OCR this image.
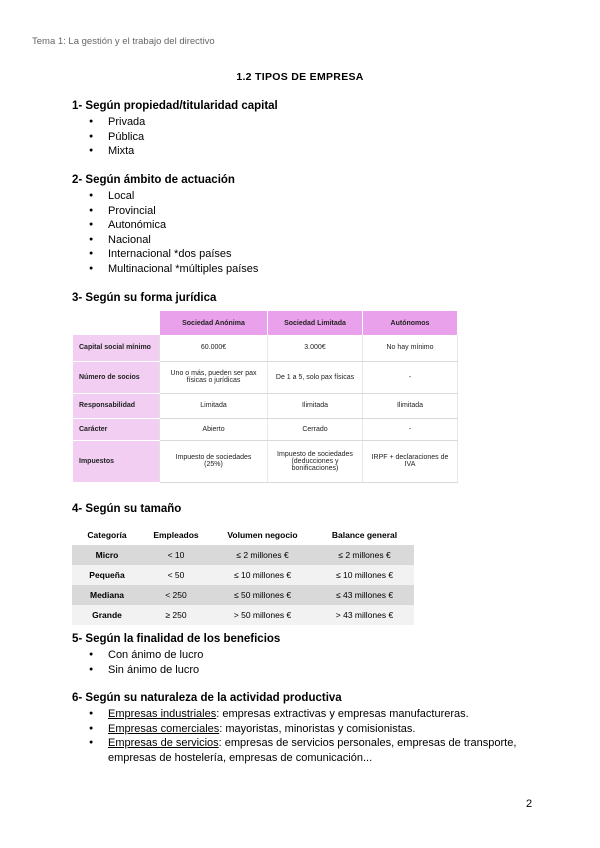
Tema 1: La gestión y el trabajo del directivo
1.2 TIPOS DE EMPRESA
1- Según propiedad/titularidad capital
● Privada
● Pública
● Mixta
2- Según ámbito de actuación
● Local
● Provincial
● Autonómica
● Nacional
● Internacional *dos países
● Multinacional *múltiples países
3- Según su forma jurídica
	Sociedad Anónima	Sociedad Limitada	Autónomos
Capital social mínimo	60.000€	3.000€	No hay mínimo
Número de socios	Uno o más, pueden ser pax físicas o jurídicas	De 1 a 5, solo pax físicas	-
Responsabilidad	Limitada	Ilimitada	Ilimitada
Carácter	Abierto	Cerrado	-
Impuestos	Impuesto de sociedades (25%)	Impuesto de sociedades (deducciones y bonificaciones)	IRPF + declaraciones de IVA
4- Según su tamaño
Categoría	Empleados	Volumen negocio	Balance general
Micro	< 10	≤ 2 millones €	≤ 2 millones €
Pequeña	< 50	≤ 10 millones €	≤ 10 millones €
Mediana	< 250	≤ 50 millones €	≤ 43 millones €
Grande	≥ 250	> 50 millones €	> 43 millones €
5- Según la finalidad de los beneficios
● Con ánimo de lucro
● Sin ánimo de lucro
6- Según su naturaleza de la actividad productiva
● Empresas industriales: empresas extractivas y empresas manufactureras.
● Empresas comerciales: mayoristas, minoristas y comisionistas.
● Empresas de servicios: empresas de servicios personales, empresas de transporte, empresas de hostelería, empresas de comunicación...
2
